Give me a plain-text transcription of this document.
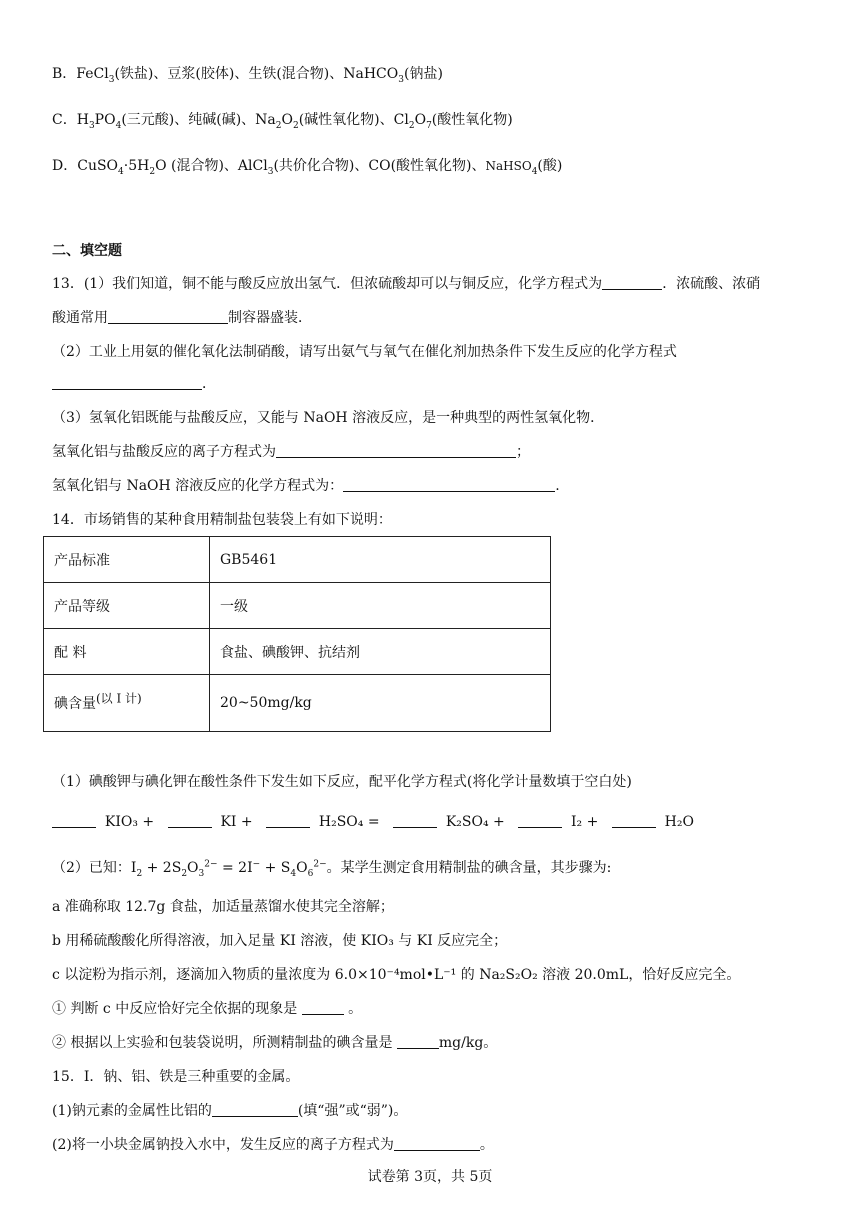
B．FeCl$_3$(铁盐)、豆浆(胶体)、生铁(混合物)、NaHCO$_3$(钠盐)
C．$H_3PO_4$(三元酸)、纯碱(碱)、$Na_2O_2$(碱性氧化物)、$Cl_2O_7$(酸性氧化物)
D．$CuSO_4\cdot 5H_2O$ (混合物)、AlCl$_3$(共价化合物)、CO(酸性氧化物)、NaHSO$_4$(酸)
二、填空题
13．(1）我们知道，铜不能与酸反应放出氢气．但浓硫酸却可以与铜反应，化学方程式为	．浓硫酸、浓硝
酸通常用	制容器盛装．
（2）工业上用氨的催化氧化法制硝酸，请写出氨气与氧气在催化剂加热条件下发生反应的化学方程式
．
（3）氢氧化铝既能与盐酸反应，又能与 NaOH 溶液反应，是一种典型的两性氢氧化物．
氢氧化铝与盐酸反应的离子方程式为	；
氢氧化铝与 NaOH 溶液反应的化学方程式为：	.
14．市场销售的某种食用精制盐包装袋上有如下说明：
产品标准	GB5461
产品等级	一级
配 料	食盐、碘酸钾、抗结剂
碘含量$^{(以 I 计)}$	20~50mg/kg
（1）碘酸钾与碘化钾在酸性条件下发生如下反应，配平化学方程式(将化学计量数填于空白处)
KIO₃ +	KI +	H₂SO₄ =	K₂SO₄ +	I₂ +	H₂O
（2）已知：$I_2 + 2S_2O_3^{2-} = 2I^- + S_4O_6^{2-}$。某学生测定食用精制盐的碘含量，其步骤为:
a 准确称取 12.7g 食盐，加适量蒸馏水使其完全溶解；
b 用稀硫酸酸化所得溶液，加入足量 KI 溶液，使 KIO₃ 与 KI 反应完全；
c 以淀粉为指示剂，逐滴加入物质的量浓度为 6.0×10⁻⁴mol•L⁻¹ 的 Na₂S₂O₂ 溶液 20.0mL，恰好反应完全。
① 判断 c 中反应恰好完全依据的现象是	。
② 根据以上实验和包装袋说明，所测精制盐的碘含量是	mg/kg。
15．I．钠、铝、铁是三种重要的金属。
(1)钠元素的金属性比铝的	(填“强”或“弱”)。
(2)将一小块金属钠投入水中，发生反应的离子方程式为	。
试卷第 3页，共 5页
